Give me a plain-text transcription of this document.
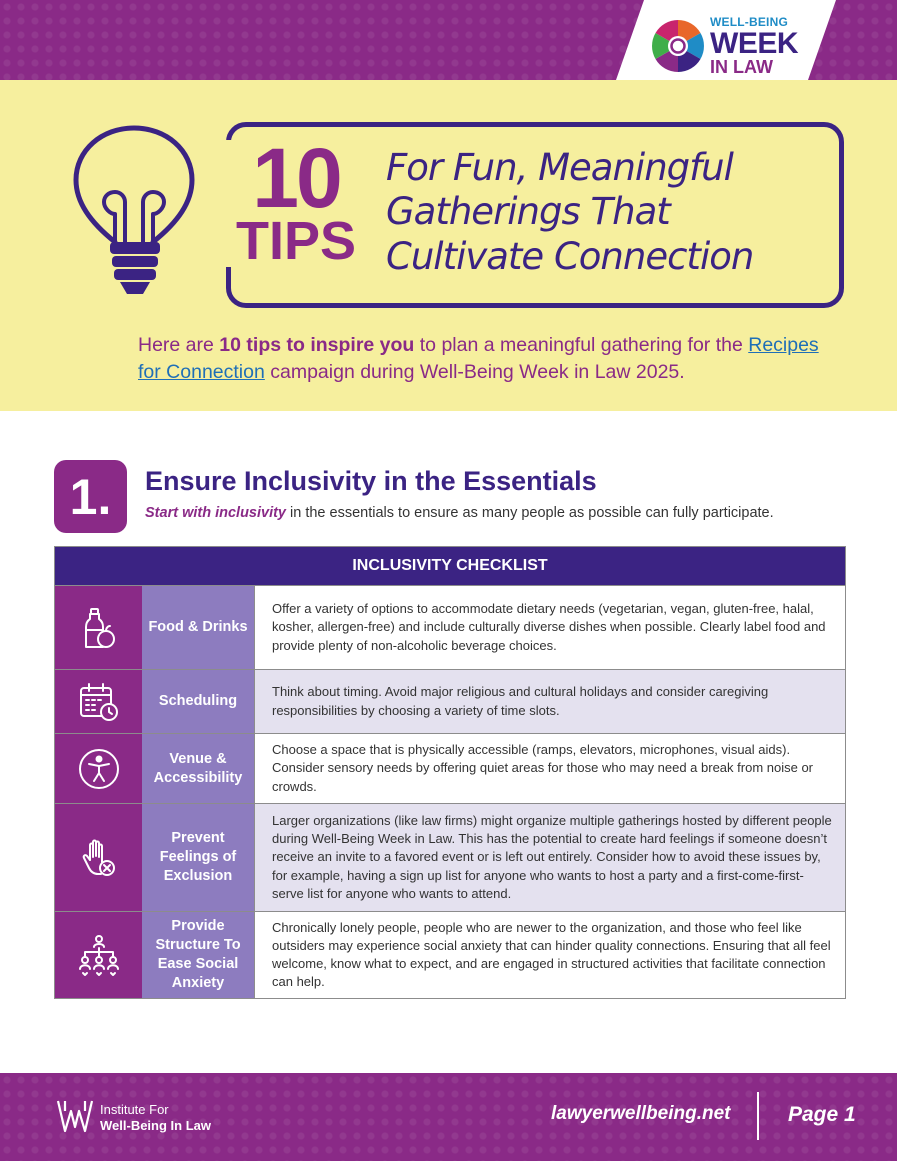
WELL-BEING
WEEK
IN LAW
10
TIPS
For Fun, Meaningful
Gatherings That
Cultivate Connection

Here are 10 tips to inspire you to plan a meaningful gathering for the Recipes for Connection campaign during Well-Being Week in Law 2025.

1.	Ensure Inclusivity in the Essentials

Start with inclusivity in the essentials to ensure as many people as possible can fully participate.

INCLUSIVITY CHECKLIST
Food & Drinks
Offer a variety of options to accommodate dietary needs (vegetarian, vegan, gluten-free, halal, kosher, allergen-free) and include culturally diverse dishes when possible. Clearly label food and provide plenty of non-alcoholic beverage choices.
Scheduling
Think about timing. Avoid major religious and cultural holidays and consider caregiving responsibilities by choosing a variety of time slots.
Venue & Accessibility
Choose a space that is physically accessible (ramps, elevators, microphones, visual aids). Consider sensory needs by offering quiet areas for those who may need a break from noise or crowds.
Prevent Feelings of Exclusion
Larger organizations (like law firms) might organize multiple gatherings hosted by different people during Well-Being Week in Law. This has the potential to create hard feelings if someone doesn’t receive an invite to a favored event or is left out entirely. Consider how to avoid these issues by, for example, having a sign up list for anyone who wants to host a party and a first-come-first-serve list for anyone who wants to attend.
Provide Structure To Ease Social Anxiety
Chronically lonely people, people who are newer to the organization, and those who feel like outsiders may experience social anxiety that can hinder quality connections. Ensuring that all feel welcome, know what to expect, and are engaged in structured activities that facilitate connection can help.
Institute For
Well-Being In Law
lawyerwellbeing.net	Page 1
